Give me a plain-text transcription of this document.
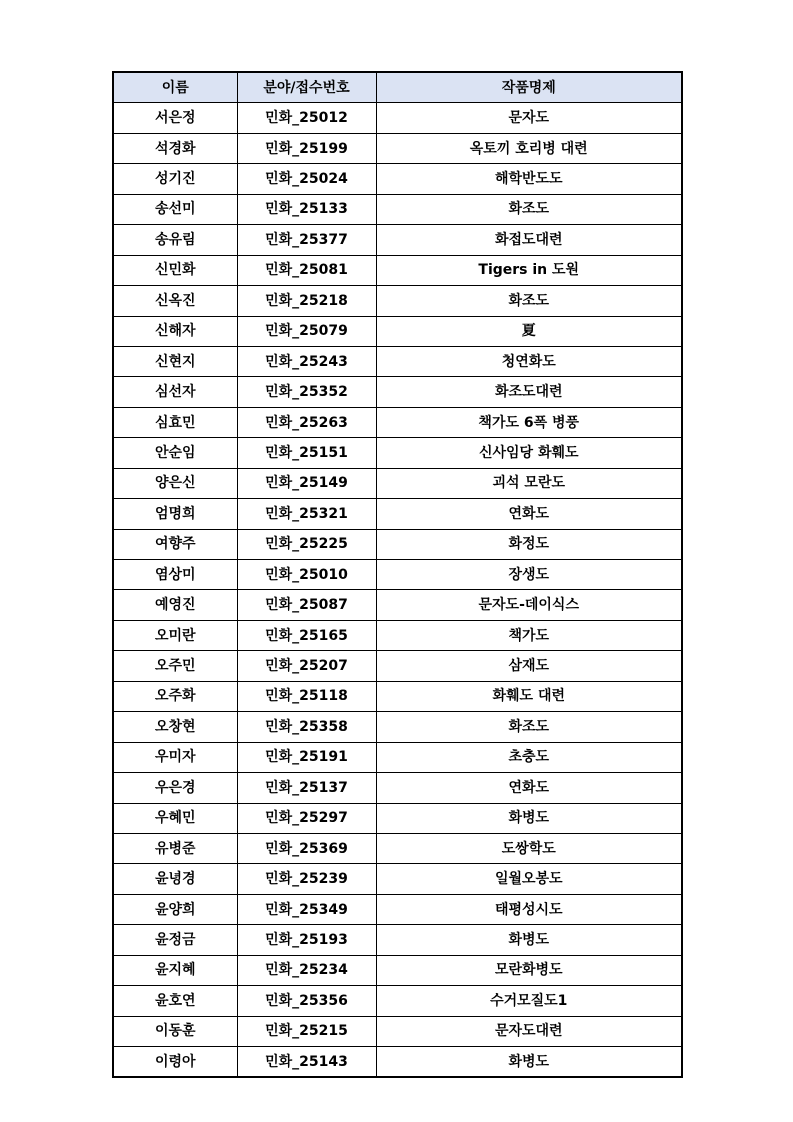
이름	분야/접수번호	작품명제
서은정	민화_25012	문자도
석경화	민화_25199	옥토끼 호리병 대련
성기진	민화_25024	해학반도도
송선미	민화_25133	화조도
송유림	민화_25377	화접도대련
신민화	민화_25081	Tigers in 도원
신옥진	민화_25218	화조도
신해자	민화_25079	夏
신현지	민화_25243	청연화도
심선자	민화_25352	화조도대련
심효민	민화_25263	책가도 6폭 병풍
안순임	민화_25151	신사임당 화훼도
양은신	민화_25149	괴석 모란도
엄명희	민화_25321	연화도
여향주	민화_25225	화정도
염상미	민화_25010	장생도
예영진	민화_25087	문자도-데이식스
오미란	민화_25165	책가도
오주민	민화_25207	삼재도
오주화	민화_25118	화훼도 대련
오창현	민화_25358	화조도
우미자	민화_25191	초충도
우은경	민화_25137	연화도
우혜민	민화_25297	화병도
유병준	민화_25369	도쌍학도
윤녕경	민화_25239	일월오봉도
윤양희	민화_25349	태평성시도
윤정금	민화_25193	화병도
윤지혜	민화_25234	모란화병도
윤호연	민화_25356	수거모질도1
이동훈	민화_25215	문자도대련
이령아	민화_25143	화병도
